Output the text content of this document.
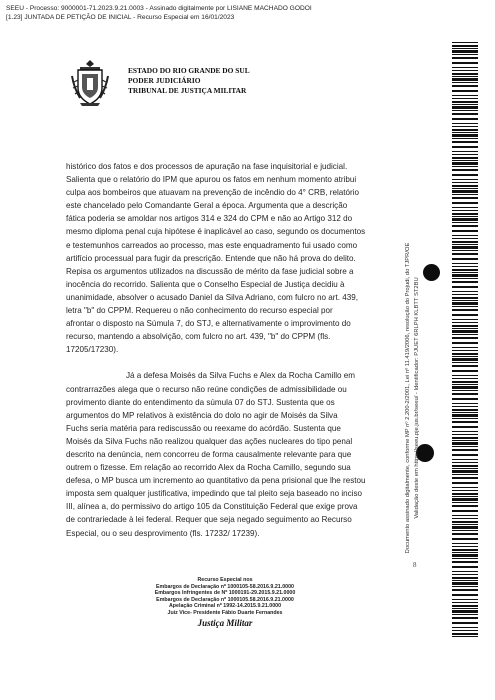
SEEU - Processo: 9000001-71.2023.9.21.0003 - Assinado digitalmente por LISIANE MACHADO GODOI
[1.23] JUNTADA DE PETIÇÃO DE INICIAL - Recurso Especial em 16/01/2023
ESTADO DO RIO GRANDE DO SUL
PODER JUDICIÁRIO
TRIBUNAL DE JUSTIÇA MILITAR

histórico dos fatos e dos processos de apuração na fase inquisitorial e judicial.

Salienta que o relatório do IPM que apurou os fatos em nenhum momento atribui

culpa aos bombeiros que atuavam na prevenção de incêndio do 4° CRB, relatório

este chancelado pelo Comandante Geral a época. Argumenta que a descrição

fática poderia se amoldar nos artigos 314 e 324 do CPM e não ao Artigo 312 do

mesmo diploma penal cuja hipótese é inaplicável ao caso, segundo os documentos

e testemunhos carreados ao processo, mas este enquadramento fui usado como

artifício processual para fugir da prescrição. Entende que não há prova do delito.

Repisa os argumentos utilizados na discussão de mérito da fase judicial sobre a

inocência do recorrido. Salienta que o Conselho Especial de Justiça decidiu à

unanimidade, absolver o acusado Daniel da Silva Adriano, com fulcro no art. 439,

letra "b" do CPPM. Requereu o não conhecimento do recurso especial por

afrontar o disposto na Súmula 7, do STJ, e alternativamente o improvimento do

recurso, mantendo a absolvição, com fulcro no art. 439, "b" do CPPM (fls.

17205/17230).

Já a defesa Moisés da Silva Fuchs e Alex da Rocha Camillo em

contrarrazões alega que o recurso não reúne condições de admissibilidade ou

provimento diante do entendimento da súmula 07 do STJ. Sustenta que os

argumentos do MP relativos à existência do dolo no agir de Moisés da Silva

Fuchs seria matéria para rediscussão ou reexame do acórdão. Sustenta que

Moisés da Silva Fuchs não realizou qualquer das ações nucleares do tipo penal

descrito na denúncia, nem concorreu de forma causalmente relevante para que

outrem o fizesse. Em relação ao recorrido Alex da Rocha Camillo, segundo sua

defesa, o MP busca um incremento ao quantitativo da pena prisional que lhe restou

imposta sem qualquer justificativa, impedindo que tal pleito seja baseado no inciso

III, alínea a, do permissivo do artigo 105 da Constituição Federal que exige prova

de contrariedade à lei federal. Requer que seja negado seguimento ao Recurso

Especial, ou o seu desprovimento (fls. 17232/ 17239).

8
Recurso Especial nos
Embargos de Declaração nº 1000105-58.2016.9.21.0000
Embargos Infringentes de Nº 1000191-29.2015.9.21.0000
Embargos de Declaração nº 1000105.58.2016.9.21.0000
Apelação Criminal nº 1992-14.2015.9.21.0000
Juiz Vice- Presidente Fábio Duarte Fernandes
Justiça Militar
Documento assinado digitalmente, conforme MP nº 2.200-2/2001, Lei nº 11.419/2006, resolução do Projudi, do TJPR/OE Validação deste em https://seeu.pje.jus.br/seeu/ - Identificador: PJUET 6RLPH KLBTT ST2BU
